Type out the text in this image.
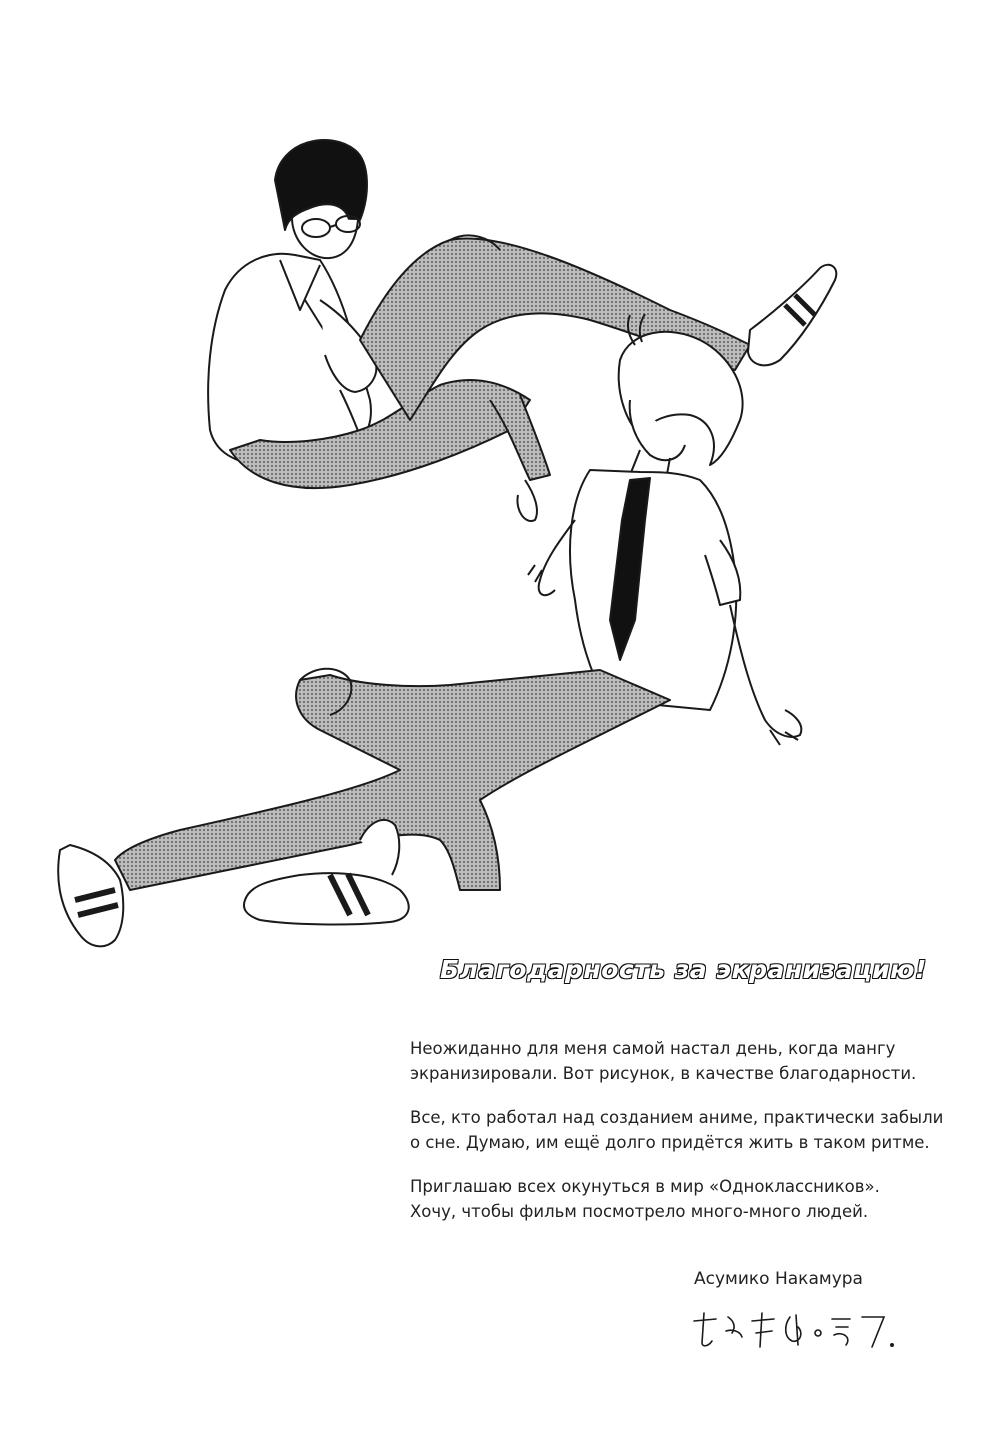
Благодарность за экранизацию!

Неожиданно для меня самой настал день, когда мангу
экранизировали. Вот рисунок, в качестве благодарности.

Все, кто работал над созданием аниме, практически забыли
о сне. Думаю, им ещё долго придётся жить в таком ритме.

Приглашаю всех окунуться в мир «Одноклассников».
Хочу, чтобы фильм посмотрело много-много людей.

Асумико Накамура
